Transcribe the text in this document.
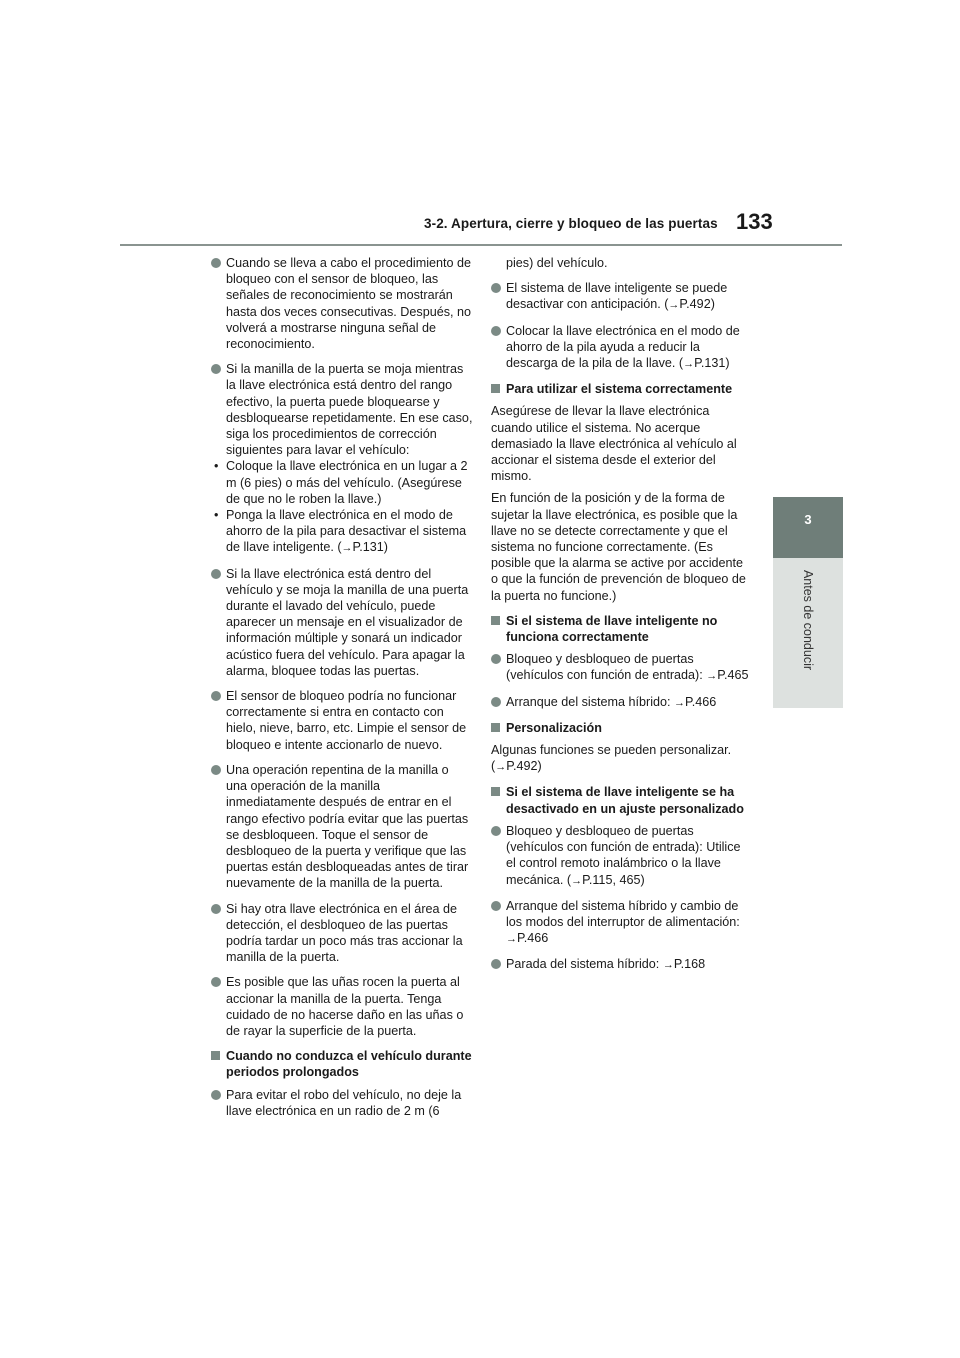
3-2. Apertura, cierre y bloqueo de las puertas 133
3
Antes de conducir
Cuando se lleva a cabo el procedimiento de bloqueo con el sensor de bloqueo, las señales de reconocimiento se mostrarán hasta dos veces consecutivas. Después, no volverá a mostrarse ninguna señal de reconocimiento.
Si la manilla de la puerta se moja mientras la llave electrónica está dentro del rango efectivo, la puerta puede bloquearse y desbloquearse repetidamente. En ese caso, siga los procedimientos de corrección siguientes para lavar el vehículo:
• Coloque la llave electrónica en un lugar a 2 m (6 pies) o más del vehículo. (Asegúrese de que no le roben la llave.)
• Ponga la llave electrónica en el modo de ahorro de la pila para desactivar el sistema de llave inteligente. (→P.131)
Si la llave electrónica está dentro del vehículo y se moja la manilla de una puerta durante el lavado del vehículo, puede aparecer un mensaje en el visualizador de información múltiple y sonará un indicador acústico fuera del vehículo. Para apagar la alarma, bloquee todas las puertas.
El sensor de bloqueo podría no funcionar correctamente si entra en contacto con hielo, nieve, barro, etc. Limpie el sensor de bloqueo e intente accionarlo de nuevo.
Una operación repentina de la manilla o una operación de la manilla inmediatamente después de entrar en el rango efectivo podría evitar que las puertas se desbloqueen. Toque el sensor de desbloqueo de la puerta y verifique que las puertas están desbloqueadas antes de tirar nuevamente de la manilla de la puerta.
Si hay otra llave electrónica en el área de detección, el desbloqueo de las puertas podría tardar un poco más tras accionar la manilla de la puerta.
Es posible que las uñas rocen la puerta al accionar la manilla de la puerta. Tenga cuidado de no hacerse daño en las uñas o de rayar la superficie de la puerta.
Cuando no conduzca el vehículo durante periodos prolongados
Para evitar el robo del vehículo, no deje la llave electrónica en un radio de 2 m (6
pies) del vehículo.
El sistema de llave inteligente se puede desactivar con anticipación. (→P.492)
Colocar la llave electrónica en el modo de ahorro de la pila ayuda a reducir la descarga de la pila de la llave. (→P.131)
Para utilizar el sistema correctamente
Asegúrese de llevar la llave electrónica cuando utilice el sistema. No acerque demasiado la llave electrónica al vehículo al accionar el sistema desde el exterior del mismo.
En función de la posición y de la forma de sujetar la llave electrónica, es posible que la llave no se detecte correctamente y que el sistema no funcione correctamente. (Es posible que la alarma se active por accidente o que la función de prevención de bloqueo de la puerta no funcione.)
Si el sistema de llave inteligente no funciona correctamente
Bloqueo y desbloqueo de puertas (vehículos con función de entrada): →P.465
Arranque del sistema híbrido: →P.466
Personalización
Algunas funciones se pueden personalizar. (→P.492)
Si el sistema de llave inteligente se ha desactivado en un ajuste personalizado
Bloqueo y desbloqueo de puertas (vehículos con función de entrada): Utilice el control remoto inalámbrico o la llave mecánica. (→P.115, 465)
Arranque del sistema híbrido y cambio de los modos del interruptor de alimentación: →P.466
Parada del sistema híbrido: →P.168
